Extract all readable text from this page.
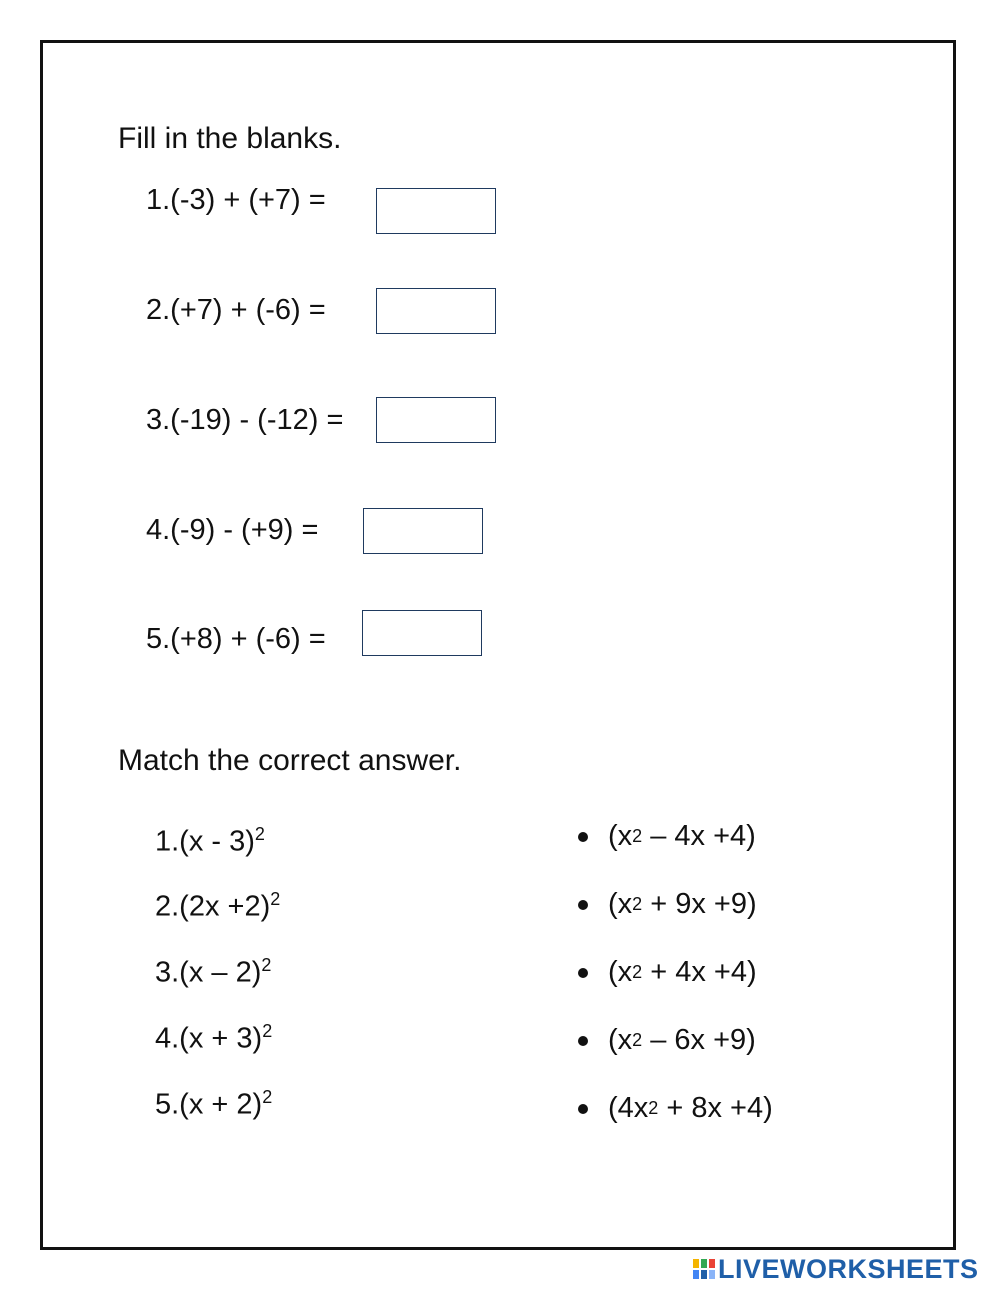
Fill in the blanks.
1.(-3) + (+7) =
2.(+7) + (-6) =
3.(-19) - (-12) =
4.(-9) - (+9) =
5.(+8) + (-6) =
Match the correct answer.
1.(x - 3)$^2$
$2.(2x +2)^2$
3.(x – 2)$^2$
$4.(x + 3)^2$
$5.(x + 2)^2$
(x 2 – 4x +4)
(x 2 + 9x +9)
(x 2 + 4x +4)
(x 2 – 6x +9)
(4x 2 + 8x +4)
LIVEWORKSHEETS
